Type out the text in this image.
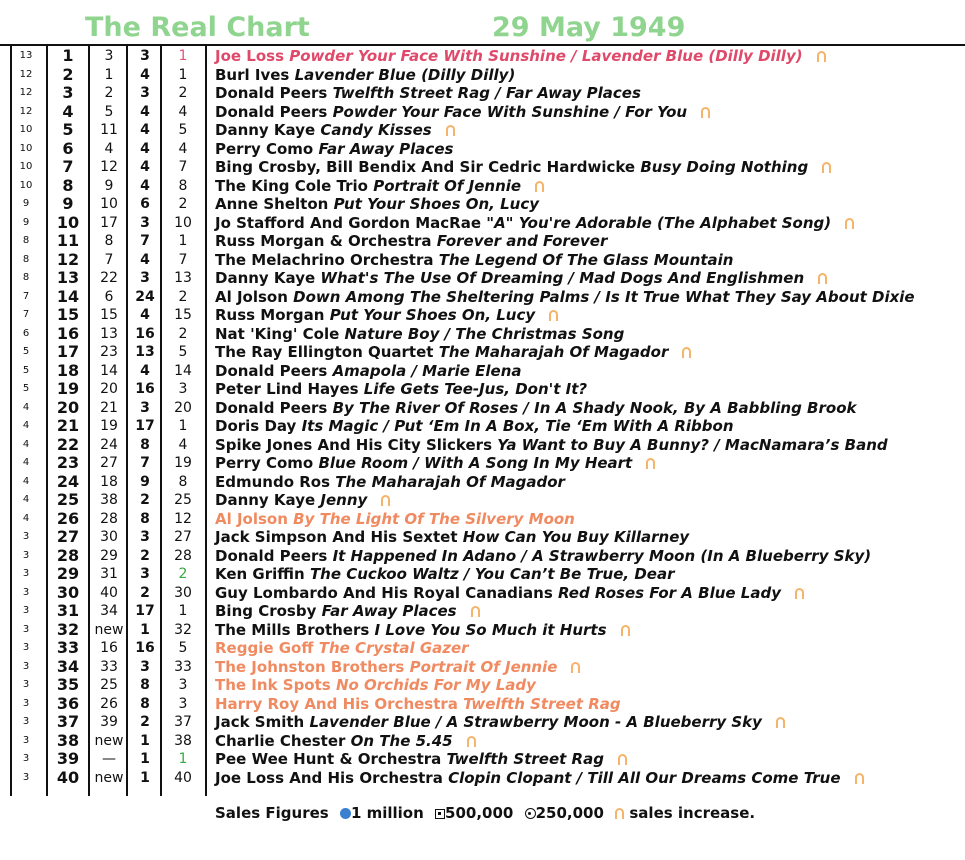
The Real Chart	29 May 1949
13	1	3	3	1	Joe Loss Powder Your Face With Sunshine / Lavender Blue (Dilly Dilly)
12	2	1	4	1	Burl Ives Lavender Blue (Dilly Dilly)
12	3	2	3	2	Donald Peers Twelfth Street Rag / Far Away Places
12	4	5	4	4	Donald Peers Powder Your Face With Sunshine / For You
10	5	11	4	5	Danny Kaye Candy Kisses
10	6	4	4	4	Perry Como Far Away Places
10	7	12	4	7	Bing Crosby, Bill Bendix And Sir Cedric Hardwicke Busy Doing Nothing
10	8	9	4	8	The King Cole Trio Portrait Of Jennie
9	9	10	6	2	Anne Shelton Put Your Shoes On, Lucy
9	10	17	3	10	Jo Stafford And Gordon MacRae "A" You're Adorable (The Alphabet Song)
8	11	8	7	1	Russ Morgan & Orchestra Forever and Forever
8	12	7	4	7	The Melachrino Orchestra The Legend Of The Glass Mountain
8	13	22	3	13	Danny Kaye What's The Use Of Dreaming / Mad Dogs And Englishmen
7	14	6	24	2	Al Jolson Down Among The Sheltering Palms / Is It True What They Say About Dixie
7	15	15	4	15	Russ Morgan Put Your Shoes On, Lucy
6	16	13	16	2	Nat 'King' Cole Nature Boy / The Christmas Song
5	17	23	13	5	The Ray Ellington Quartet The Maharajah Of Magador
5	18	14	4	14	Donald Peers Amapola / Marie Elena
5	19	20	16	3	Peter Lind Hayes Life Gets Tee-Jus, Don't It?
4	20	21	3	20	Donald Peers By The River Of Roses / In A Shady Nook, By A Babbling Brook
4	21	19	17	1	Doris Day Its Magic / Put ‘Em In A Box, Tie ‘Em With A Ribbon
4	22	24	8	4	Spike Jones And His City Slickers Ya Want to Buy A Bunny? / MacNamara’s Band
4	23	27	7	19	Perry Como Blue Room / With A Song In My Heart
4	24	18	9	8	Edmundo Ros The Maharajah Of Magador
4	25	38	2	25	Danny Kaye Jenny
4	26	28	8	12	Al Jolson By The Light Of The Silvery Moon
3	27	30	3	27	Jack Simpson And His Sextet How Can You Buy Killarney
3	28	29	2	28	Donald Peers It Happened In Adano / A Strawberry Moon (In A Blueberry Sky)
3	29	31	3	2	Ken Griffin The Cuckoo Waltz / You Can’t Be True, Dear
3	30	40	2	30	Guy Lombardo And His Royal Canadians Red Roses For A Blue Lady
3	31	34	17	1	Bing Crosby Far Away Places
3	32	new	1	32	The Mills Brothers I Love You So Much it Hurts
3	33	16	16	5	Reggie Goff The Crystal Gazer
3	34	33	3	33	The Johnston Brothers Portrait Of Jennie
3	35	25	8	3	The Ink Spots No Orchids For My Lady
3	36	26	8	3	Harry Roy And His Orchestra Twelfth Street Rag
3	37	39	2	37	Jack Smith Lavender Blue / A Strawberry Moon - A Blueberry Sky
3	38	new	1	38	Charlie Chester On The 5.45
3	39	—	1	1	Pee Wee Hunt & Orchestra Twelfth Street Rag
3	40	new	1	40	Joe Loss And His Orchestra Clopin Clopant / Till All Our Dreams Come True
Sales Figures 1 million 500,000 250,000 sales increase.
